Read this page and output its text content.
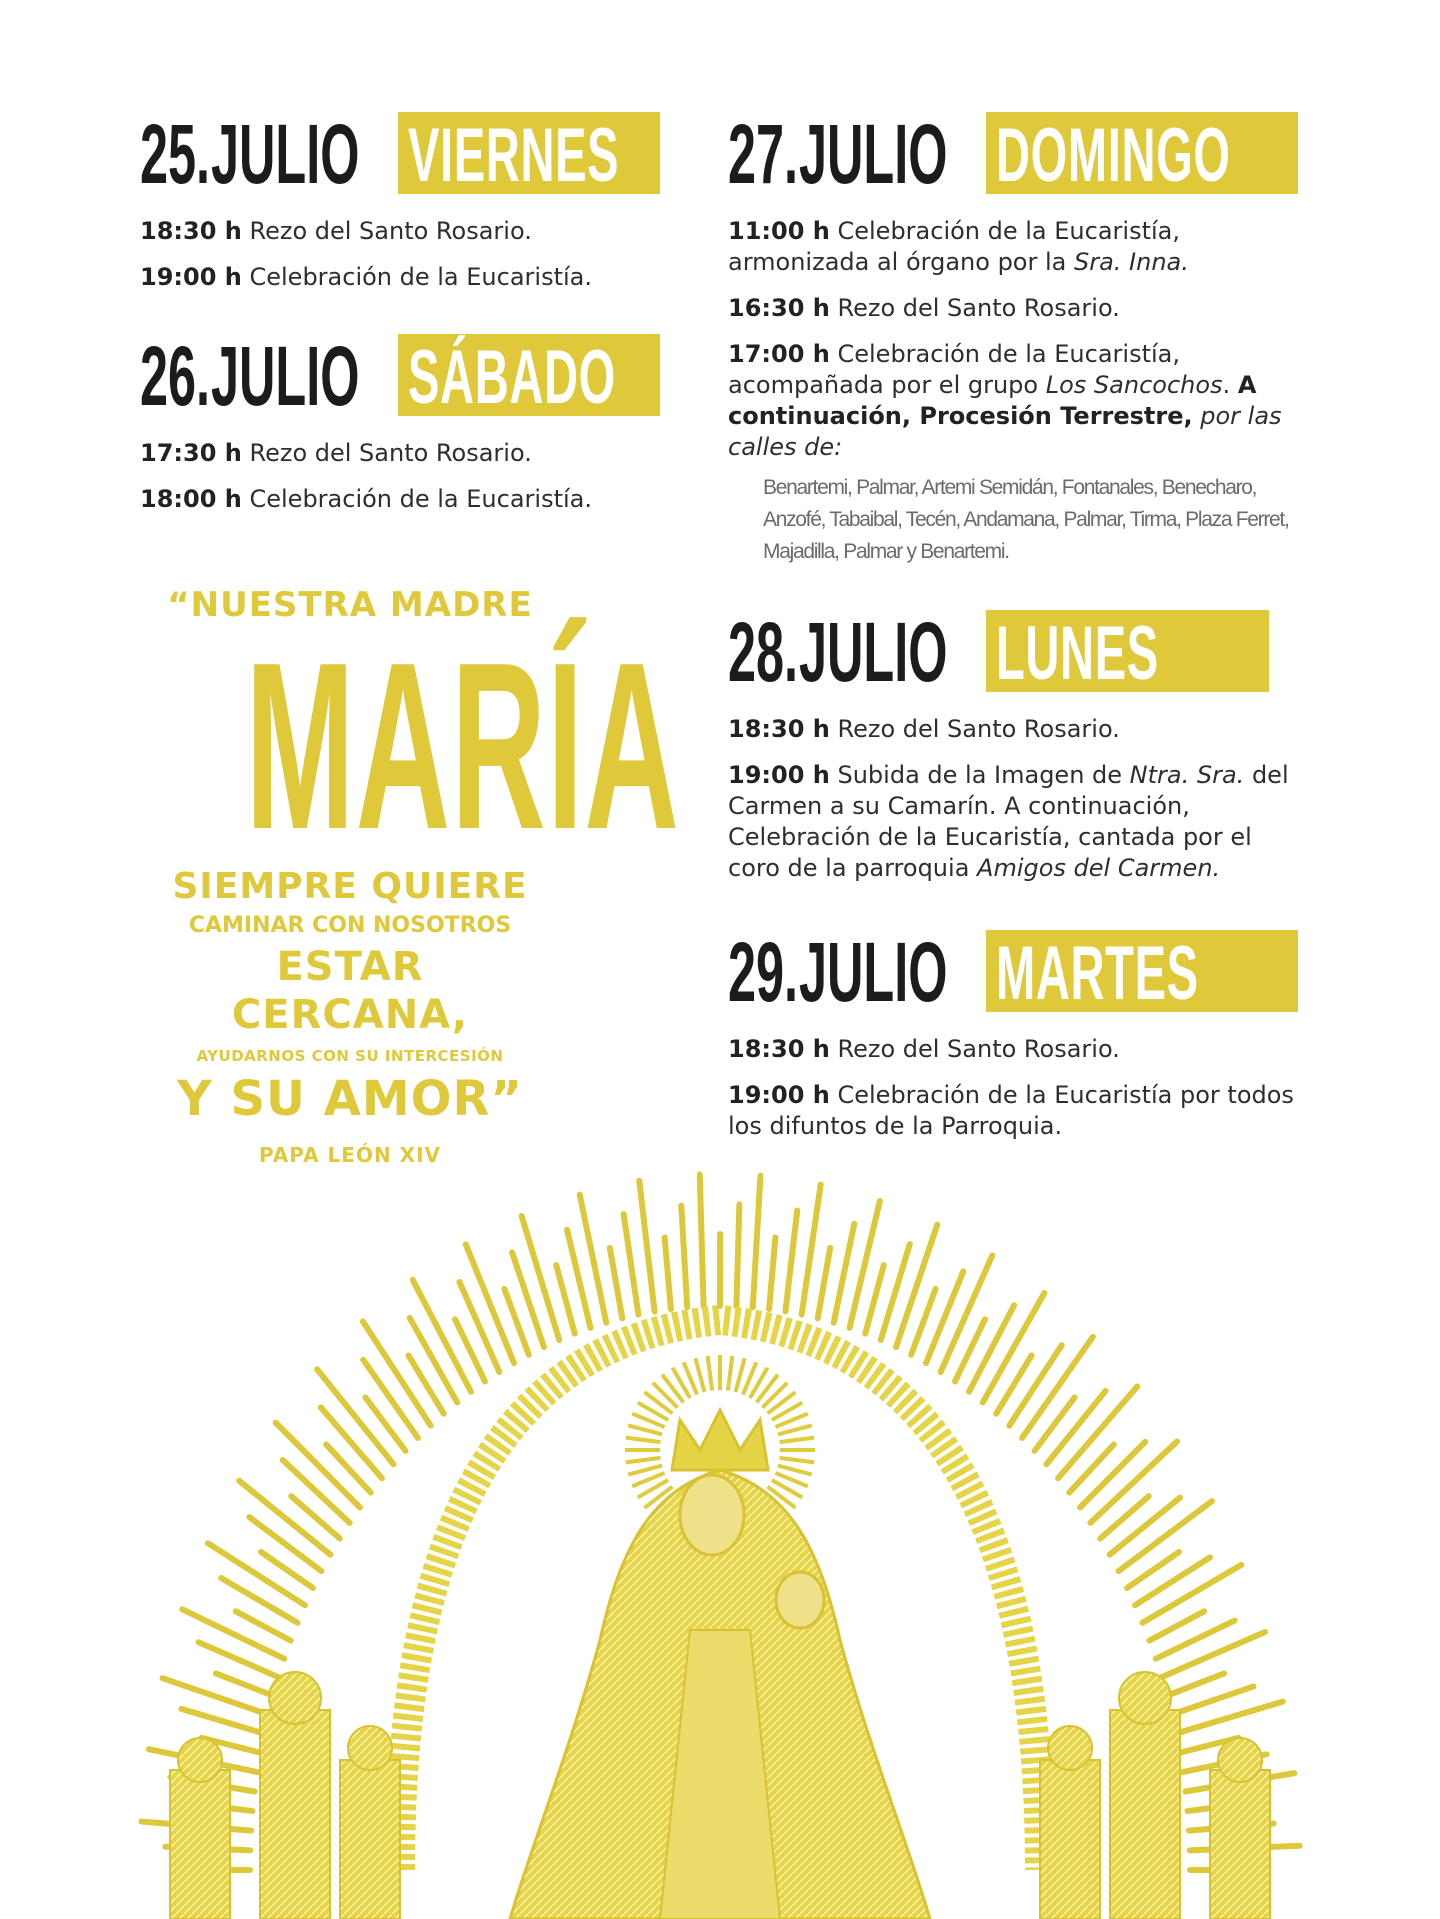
25. JULIO VIERNES
18:30 h Rezo del Santo Rosario.
19:00 h Celebración de la Eucaristía.
26. JULIO SÁBADO
17:30 h Rezo del Santo Rosario.
18:00 h Celebración de la Eucaristía.
27. JULIO DOMINGO
11:00 h Celebración de la Eucaristía, armonizada al órgano por la Sra. Inna.
16:30 h Rezo del Santo Rosario.
17:00 h Celebración de la Eucaristía, acompañada por el grupo Los Sancochos. A continuación, Procesión Terrestre, por las calles de:
Benartemi, Palmar, Artemi Semidán, Fontanales, Benecharo, Anzofé, Tabaibal, Tecén, Andamana, Palmar, Tirma, Plaza Ferret, Majadilla, Palmar y Benartemi.
28. JULIO LUNES
18:30 h Rezo del Santo Rosario.
19:00 h Subida de la Imagen de Ntra. Sra. del Carmen a su Camarín. A continuación, Celebración de la Eucaristía, cantada por el coro de la parroquia Amigos del Carmen.
29. JULIO MARTES
18:30 h Rezo del Santo Rosario.
19:00 h Celebración de la Eucaristía por todos los difuntos de la Parroquia.
“NUESTRA MADRE
MARÍA
SIEMPRE QUIERE
CAMINAR CON NOSOTROS
ESTAR CERCANA,
AYUDARNOS CON SU INTERCESIÓN
Y SU AMOR”
PAPA LEÓN XIV
